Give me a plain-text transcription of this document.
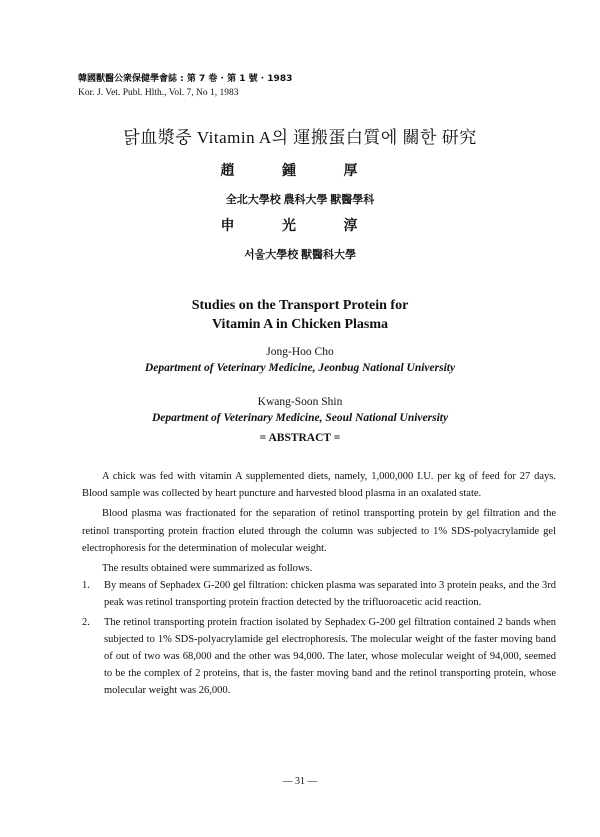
韓國獸醫公衆保健學會誌 : 第 7 卷 · 第 1 號 · 1983
Kor. J. Vet. Publ. Hlth., Vol. 7, No 1, 1983
닭血漿중 Vitamin A의 運搬蛋白質에 關한 研究
趙 鍾 厚
全北大學校 農科大學 獸醫學科
申 光 淳
서울大學校 獸醫科大學
Studies on the Transport Protein for
Vitamin A in Chicken Plasma
Jong-Hoo Cho
Department of Veterinary Medicine, Jeonbug National University
Kwang-Soon Shin
Department of Veterinary Medicine, Seoul National University
= ABSTRACT =

A chick was fed with vitamin A supplemented diets, namely, 1,000,000 I.U. per kg of feed for 27 days. Blood sample was collected by heart puncture and harvested blood plasma in an oxalated state.

Blood plasma was fractionated for the separation of retinol transporting protein by gel filtration and the retinol transporting protein fraction eluted through the column was subjected to 1% SDS-polyacrylamide gel electrophoresis for the determination of molecular weight.

The results obtained were summarized as follows.

1. By means of Sephadex G-200 gel filtration: chicken plasma was separated into 3 protein peaks, and the 3rd peak was retinol transporting protein fraction detected by the trifluoroacetic acid reaction.
2. The retinol transporting protein fraction isolated by Sephadex G-200 gel filtration contained 2 bands when subjected to 1% SDS-polyacrylamide gel electrophoresis. The molecular weight of the faster moving band of out of two was 68,000 and the other was 94,000. The later, whose molecular weight of 94,000, seemed to be the complex of 2 proteins, that is, the faster moving band and the retinol transporting protein, whose molecular weight was 26,000.
— 31 —
